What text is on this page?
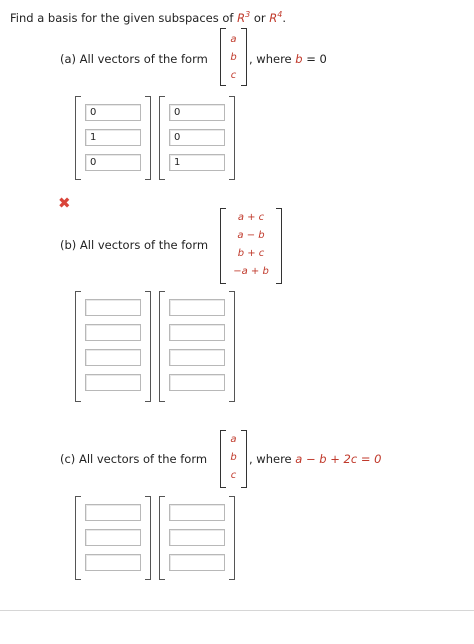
Find a basis for the given subspaces of $R^3$ or $R^4$.
(a) All vectors of the form
a
b
c
, where b = 0
0
1
0
0
0
1
✖
(b) All vectors of the form
a + c
a − b
b + c
−a + b
(c) All vectors of the form
a
b
c
, where a − b + 2c = 0
